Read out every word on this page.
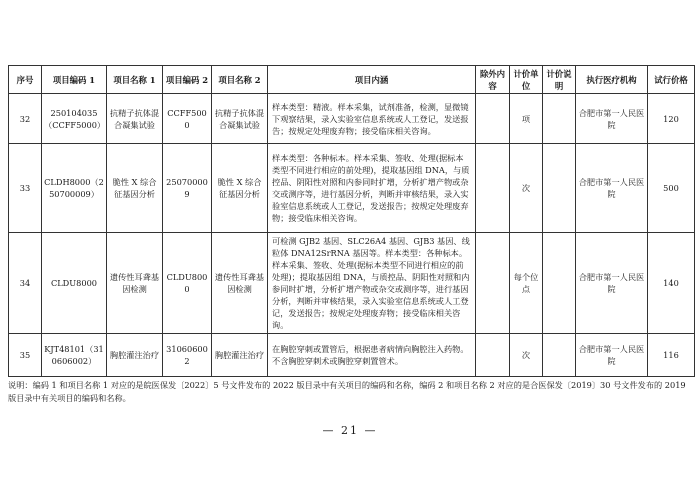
序号	项目编码 1	项目名称 1	项目编码 2	项目名称 2	项目内涵	除外内容	计价单位	计价说明	执行医疗机构	试行价格
32	250104035（CCFF5000）	抗精子抗体混合凝集试验	CCFF5000	抗精子抗体混合凝集试验	样本类型：精液。样本采集，试剂准备，检测，显微镜下观察结果，录入实验室信息系统或人工登记，发送报告；按规定处理废弃物；接受临床相关咨询。		项		合肥市第一人民医院	120
33	CLDH8000（250700009）	脆性 X 综合征基因分析	250700009	脆性 X 综合征基因分析	样本类型：各种标本。样本采集、签收、处理(据标本类型不同进行相应的前处理)，提取基因组 DNA，与质控品、阴阳性对照和内参同时扩增，分析扩增产物或杂交或测序等，进行基因分析，判断并审核结果，录入实验室信息系统或人工登记，发送报告；按规定处理废弃物；接受临床相关咨询。		次		合肥市第一人民医院	500
34	CLDU8000	遗传性耳聋基因检测	CLDU8000	遗传性耳聋基因检测	可检测 GJB2 基因、SLC26A4 基因、GJB3 基因、线粒体 DNA12SrRNA 基因等。样本类型：各种标本。样本采集、签收、处理(据标本类型不同进行相应的前处理)；提取基因组 DNA，与质控品、阴阳性对照和内参同时扩增，分析扩增产物或杂交或测序等，进行基因分析，判断并审核结果，录入实验室信息系统或人工登记，发送报告；按规定处理废弃物；接受临床相关咨询。		每个位点		合肥市第一人民医院	140
35	KJT48101（310606002）	胸腔灌注治疗	310606002	胸腔灌注治疗	在胸腔穿刺或置管后，根据患者病情向胸腔注入药物。不含胸腔穿刺术或胸腔穿刺置管术。		次		合肥市第一人民医院	116
说明：编码 1 和项目名称 1 对应的是皖医保发〔2022〕5 号文件发布的 2022 版目录中有关项目的编码和名称，编码 2 和项目名称 2 对应的是合医保发〔2019〕30 号文件发布的 2019 版目录中有关项目的编码和名称。
— 21 —
